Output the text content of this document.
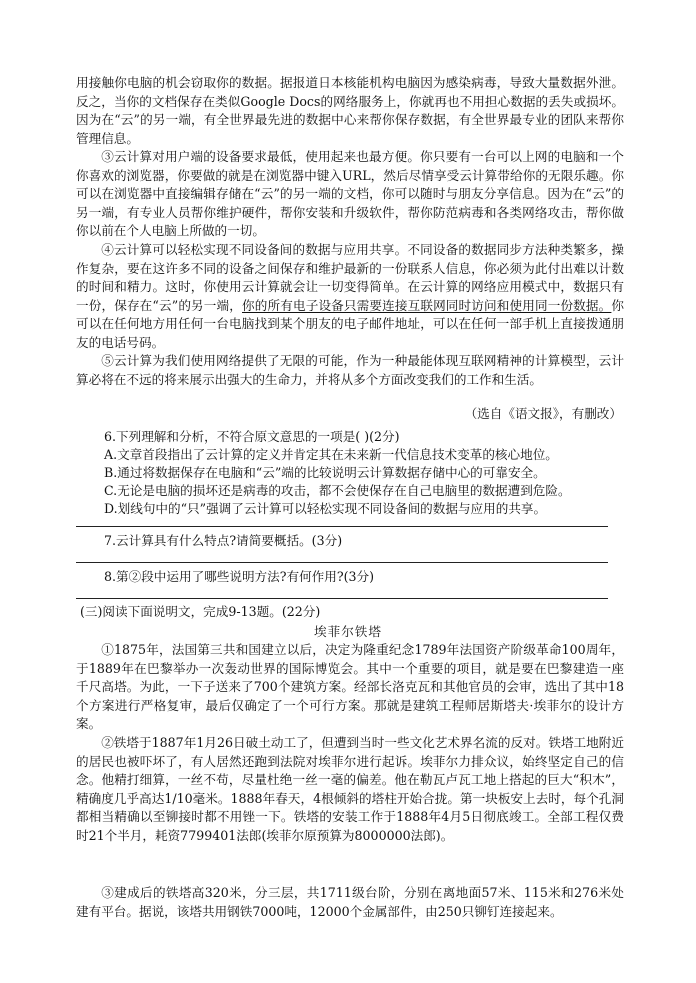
用接触你电脑的机会窃取你的数据。据报道日本核能机构电脑因为感染病毒，导致大量数据外泄。反之，当你的文档保存在类似Google Docs的网络服务上，你就再也不用担心数据的丢失或损坏。因为在“云”的另一端，有全世界最先进的数据中心来帮你保存数据，有全世界最专业的团队来帮你管理信息。

③云计算对用户端的设备要求最低，使用起来也最方便。你只要有一台可以上网的电脑和一个你喜欢的浏览器，你要做的就是在浏览器中键入URL，然后尽情享受云计算带给你的无限乐趣。你可以在浏览器中直接编辑存储在“云”的另一端的文档，你可以随时与朋友分享信息。因为在“云”的另一端，有专业人员帮你维护硬件，帮你安装和升级软件，帮你防范病毒和各类网络攻击，帮你做你以前在个人电脑上所做的一切。

④云计算可以轻松实现不同设备间的数据与应用共享。不同设备的数据同步方法种类繁多，操作复杂，要在这许多不同的设备之间保存和维护最新的一份联系人信息，你必须为此付出难以计数的时间和精力。这时，你使用云计算就会让一切变得简单。在云计算的网络应用模式中，数据只有一份，保存在“云”的另一端，你的所有电子设备只需要连接互联网同时访问和使用同一份数据。你可以在任何地方用任何一台电脑找到某个朋友的电子邮件地址，可以在任何一部手机上直接拨通朋友的电话号码。

⑤云计算为我们使用网络提供了无限的可能，作为一种最能体现互联网精神的计算模型，云计算必将在不远的将来展示出强大的生命力，并将从多个方面改变我们的工作和生活。

（选自《语文报》，有删改）

6.下列理解和分析，不符合原文意思的一项是( )(2分)

A.文章首段指出了云计算的定义并肯定其在未来新一代信息技术变革的核心地位。

B.通过将数据保存在电脑和“云”端的比较说明云计算数据存储中心的可靠安全。

C.无论是电脑的损坏还是病毒的攻击，都不会使保存在自己电脑里的数据遭到危险。

D.划线句中的“只”强调了云计算可以轻松实现不同设备间的数据与应用的共享。

7.云计算具有什么特点?请简要概括。(3分)

8.第②段中运用了哪些说明方法?有何作用?(3分)

(三)阅读下面说明文，完成9-13题。(22分)
埃菲尔铁塔

①1875年，法国第三共和国建立以后，决定为隆重纪念1789年法国资产阶级革命100周年，于1889年在巴黎举办一次轰动世界的国际博览会。其中一个重要的项目，就是要在巴黎建造一座千尺高塔。为此，一下子送来了700个建筑方案。经部长洛克瓦和其他官员的会审，选出了其中18个方案进行严格复审，最后仅确定了一个可行方案。那就是建筑工程师居斯塔夫·埃菲尔的设计方案。

②铁塔于1887年1月26日破土动工了，但遭到当时一些文化艺术界名流的反对。铁塔工地附近的居民也被吓坏了，有人居然还跑到法院对埃菲尔进行起诉。埃菲尔力排众议，始终坚定自己的信念。他精打细算，一丝不苟，尽量杜绝一丝一毫的偏差。他在勒瓦卢瓦工地上搭起的巨大“积木”，精确度几乎高达1/10毫米。1888年春天，4根倾斜的塔柱开始合拢。第一块板安上去时，每个孔洞都相当精确以至铆接时都不用锉一下。铁塔的安装工作于1888年4月5日彻底竣工。全部工程仅费时21个半月，耗资7799401法郎(埃菲尔原预算为8000000法郎)。

③建成后的铁塔高320米，分三层，共1711级台阶，分别在离地面57米、115米和276米处建有平台。据说，该塔共用钢铁7000吨，12000个金属部件，由250只铆钉连接起来。
